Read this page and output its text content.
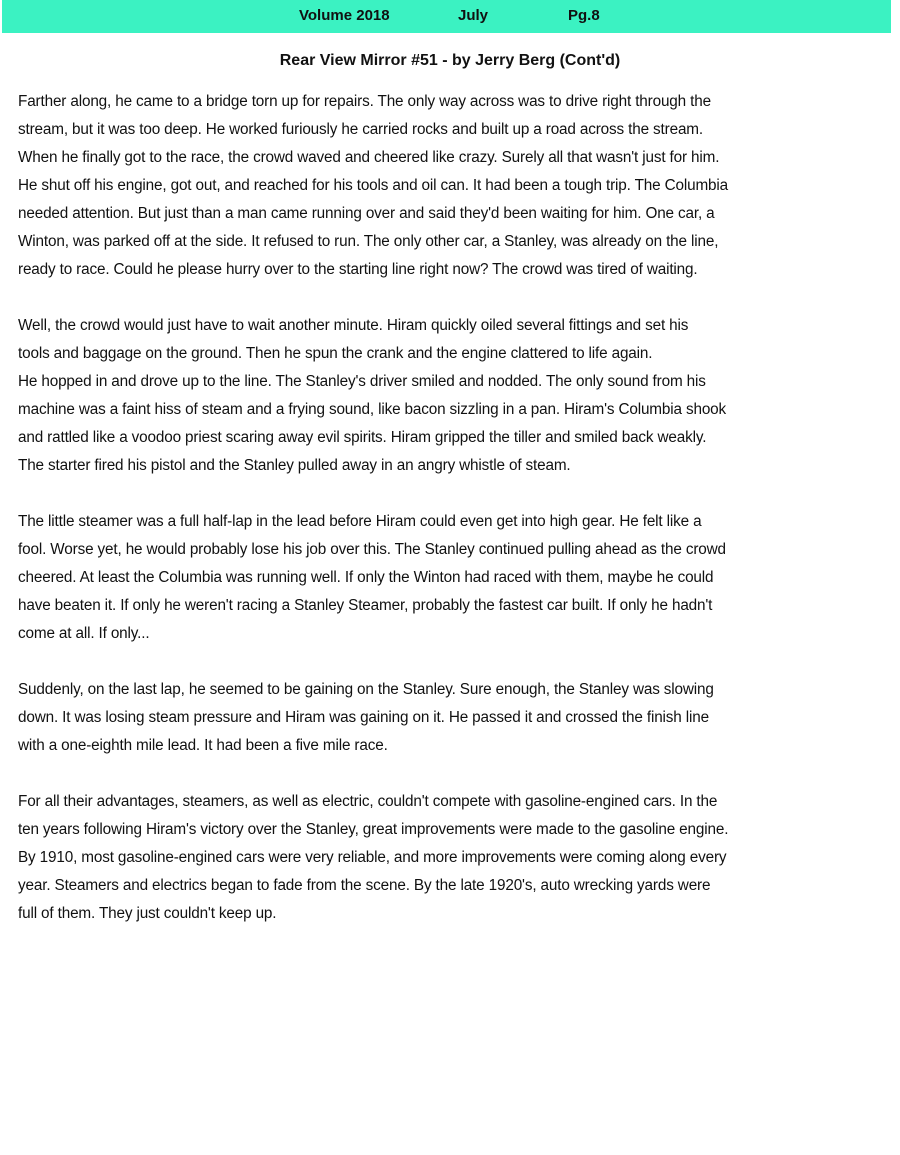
Volume 2018	July	Pg.8
Rear View Mirror #51 - by Jerry Berg (Cont'd)
Farther along, he came to a bridge torn up for repairs. The only way across was to drive right through the
stream, but it was too deep. He worked furiously he carried rocks and built up a road across the stream.
When he finally got to the race, the crowd waved and cheered like crazy. Surely all that wasn't just for him.
He shut off his engine, got out, and reached for his tools and oil can. It had been a tough trip. The Columbia
needed attention. But just than a man came running over and said they'd been waiting for him. One car, a
Winton, was parked off at the side. It refused to run. The only other car, a Stanley, was already on the line,
ready to race. Could he please hurry over to the starting line right now? The crowd was tired of waiting.
Well, the crowd would just have to wait another minute. Hiram quickly oiled several fittings and set his
tools and baggage on the ground. Then he spun the crank and the engine clattered to life again.
He hopped in and drove up to the line. The Stanley's driver smiled and nodded. The only sound from his
machine was a faint hiss of steam and a frying sound, like bacon sizzling in a pan. Hiram's Columbia shook
and rattled like a voodoo priest scaring away evil spirits. Hiram gripped the tiller and smiled back weakly.
The starter fired his pistol and the Stanley pulled away in an angry whistle of steam.
The little steamer was a full half-lap in the lead before Hiram could even get into high gear. He felt like a
fool. Worse yet, he would probably lose his job over this. The Stanley continued pulling ahead as the crowd
cheered. At least the Columbia was running well. If only the Winton had raced with them, maybe he could
have beaten it. If only he weren't racing a Stanley Steamer, probably the fastest car built. If only he hadn't
come at all. If only...
Suddenly, on the last lap, he seemed to be gaining on the Stanley. Sure enough, the Stanley was slowing
down. It was losing steam pressure and Hiram was gaining on it. He passed it and crossed the finish line
with a one-eighth mile lead. It had been a five mile race.
For all their advantages, steamers, as well as electric, couldn't compete with gasoline-engined cars. In the
ten years following Hiram's victory over the Stanley, great improvements were made to the gasoline engine.
By 1910, most gasoline-engined cars were very reliable, and more improvements were coming along every
year. Steamers and electrics began to fade from the scene. By the late 1920's, auto wrecking yards were
full of them. They just couldn't keep up.
